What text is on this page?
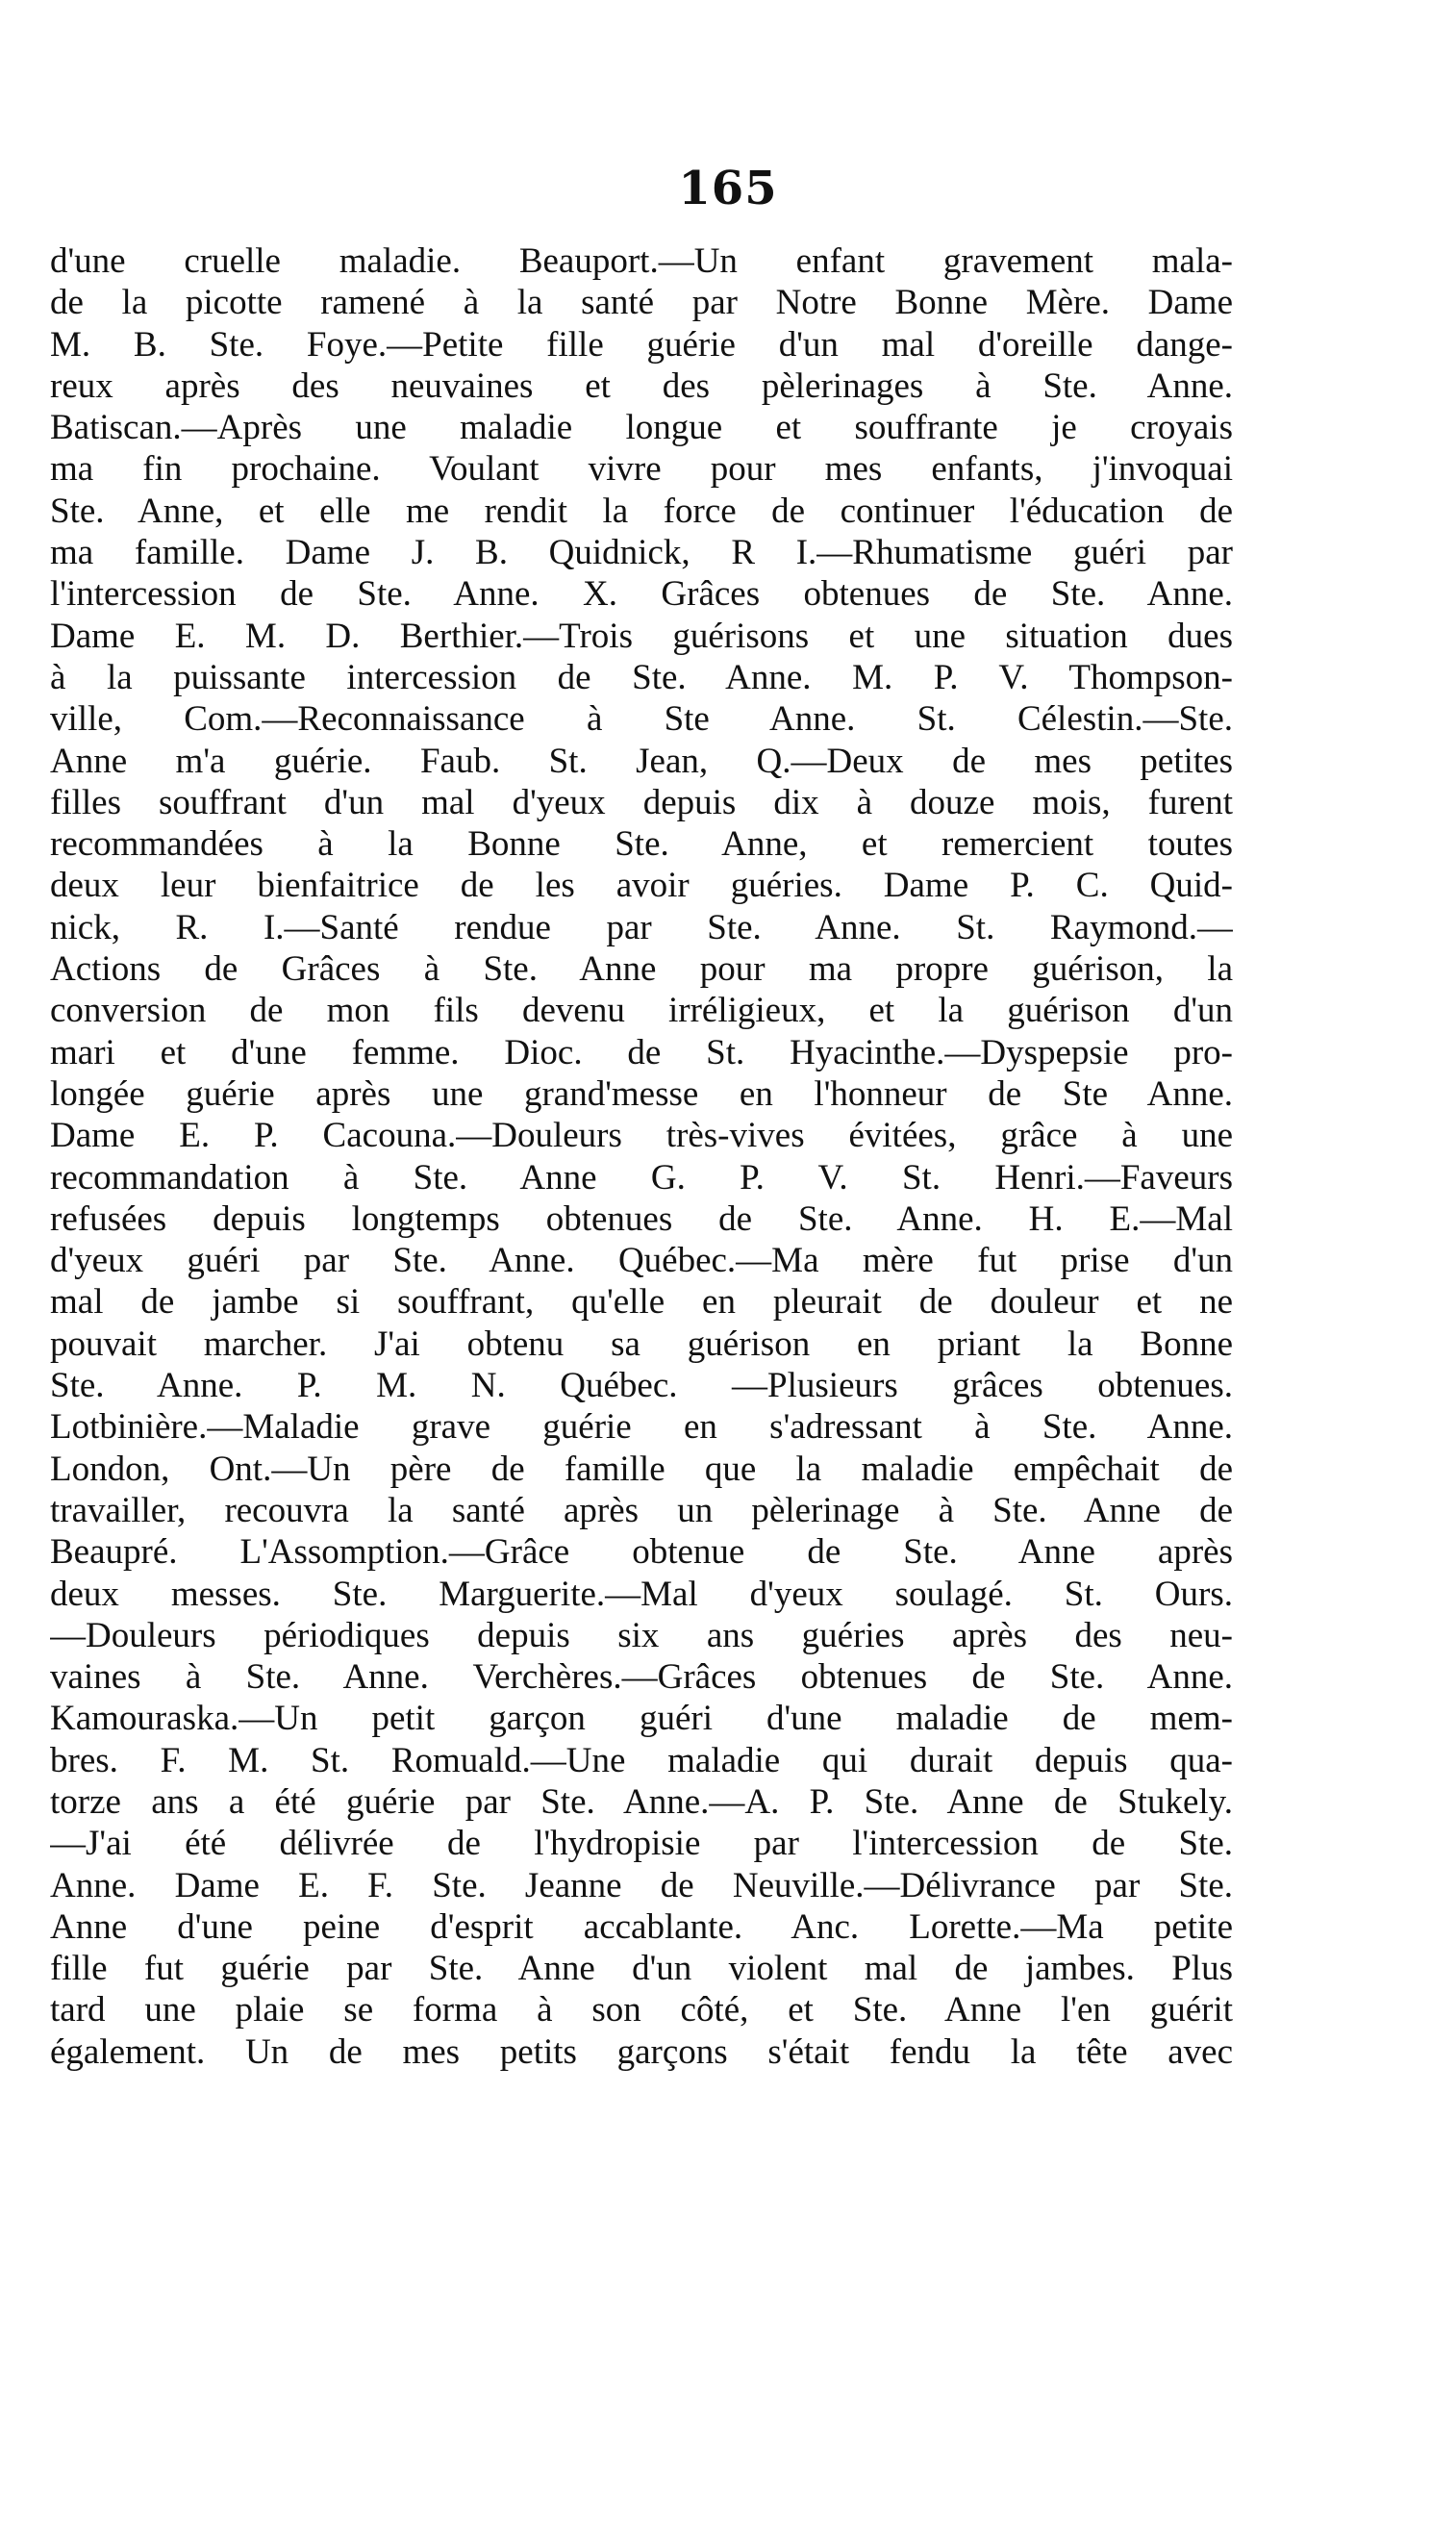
165
d'une cruelle maladie. Beauport.—Un enfant gravement mala-
de la picotte ramené à la santé par Notre Bonne Mère. Dame
M. B. Ste. Foye.—Petite fille guérie d'un mal d'oreille dange-
reux après des neuvaines et des pèlerinages à Ste. Anne.
Batiscan.—Après une maladie longue et souffrante je croyais
ma fin prochaine. Voulant vivre pour mes enfants, j'invoquai
Ste. Anne, et elle me rendit la force de continuer l'éducation de
ma famille. Dame J. B. Quidnick, R I.—Rhumatisme guéri par
l'intercession de Ste. Anne. X. Grâces obtenues de Ste. Anne.
Dame E. M. D. Berthier.—Trois guérisons et une situation dues
à la puissante intercession de Ste. Anne. M. P. V. Thompson-
ville, Com.—Reconnaissance à Ste Anne. St. Célestin.—Ste.
Anne m'a guérie. Faub. St. Jean, Q.—Deux de mes petites
filles souffrant d'un mal d'yeux depuis dix à douze mois, furent
recommandées à la Bonne Ste. Anne, et remercient toutes
deux leur bienfaitrice de les avoir guéries. Dame P. C. Quid-
nick, R. I.—Santé rendue par Ste. Anne. St. Raymond.—
Actions de Grâces à Ste. Anne pour ma propre guérison, la
conversion de mon fils devenu irréligieux, et la guérison d'un
mari et d'une femme. Dioc. de St. Hyacinthe.—Dyspepsie pro-
longée guérie après une grand'messe en l'honneur de Ste Anne.
Dame E. P. Cacouna.—Douleurs très-vives évitées, grâce à une
recommandation à Ste. Anne G. P. V. St. Henri.—Faveurs
refusées depuis longtemps obtenues de Ste. Anne. H. E.—Mal
d'yeux guéri par Ste. Anne. Québec.—Ma mère fut prise d'un
mal de jambe si souffrant, qu'elle en pleurait de douleur et ne
pouvait marcher. J'ai obtenu sa guérison en priant la Bonne
Ste. Anne. P. M. N. Québec. —Plusieurs grâces obtenues.
Lotbinière.—Maladie grave guérie en s'adressant à Ste. Anne.
London, Ont.—Un père de famille que la maladie empêchait de
travailler, recouvra la santé après un pèlerinage à Ste. Anne de
Beaupré. L'Assomption.—Grâce obtenue de Ste. Anne après
deux messes. Ste. Marguerite.—Mal d'yeux soulagé. St. Ours.
—Douleurs périodiques depuis six ans guéries après des neu-
vaines à Ste. Anne. Verchères.—Grâces obtenues de Ste. Anne.
Kamouraska.—Un petit garçon guéri d'une maladie de mem-
bres. F. M. St. Romuald.—Une maladie qui durait depuis qua-
torze ans a été guérie par Ste. Anne.—A. P. Ste. Anne de Stukely.
—J'ai été délivrée de l'hydropisie par l'intercession de Ste.
Anne. Dame E. F. Ste. Jeanne de Neuville.—Délivrance par Ste.
Anne d'une peine d'esprit accablante. Anc. Lorette.—Ma petite
fille fut guérie par Ste. Anne d'un violent mal de jambes. Plus
tard une plaie se forma à son côté, et Ste. Anne l'en guérit
également. Un de mes petits garçons s'était fendu la tête avec
